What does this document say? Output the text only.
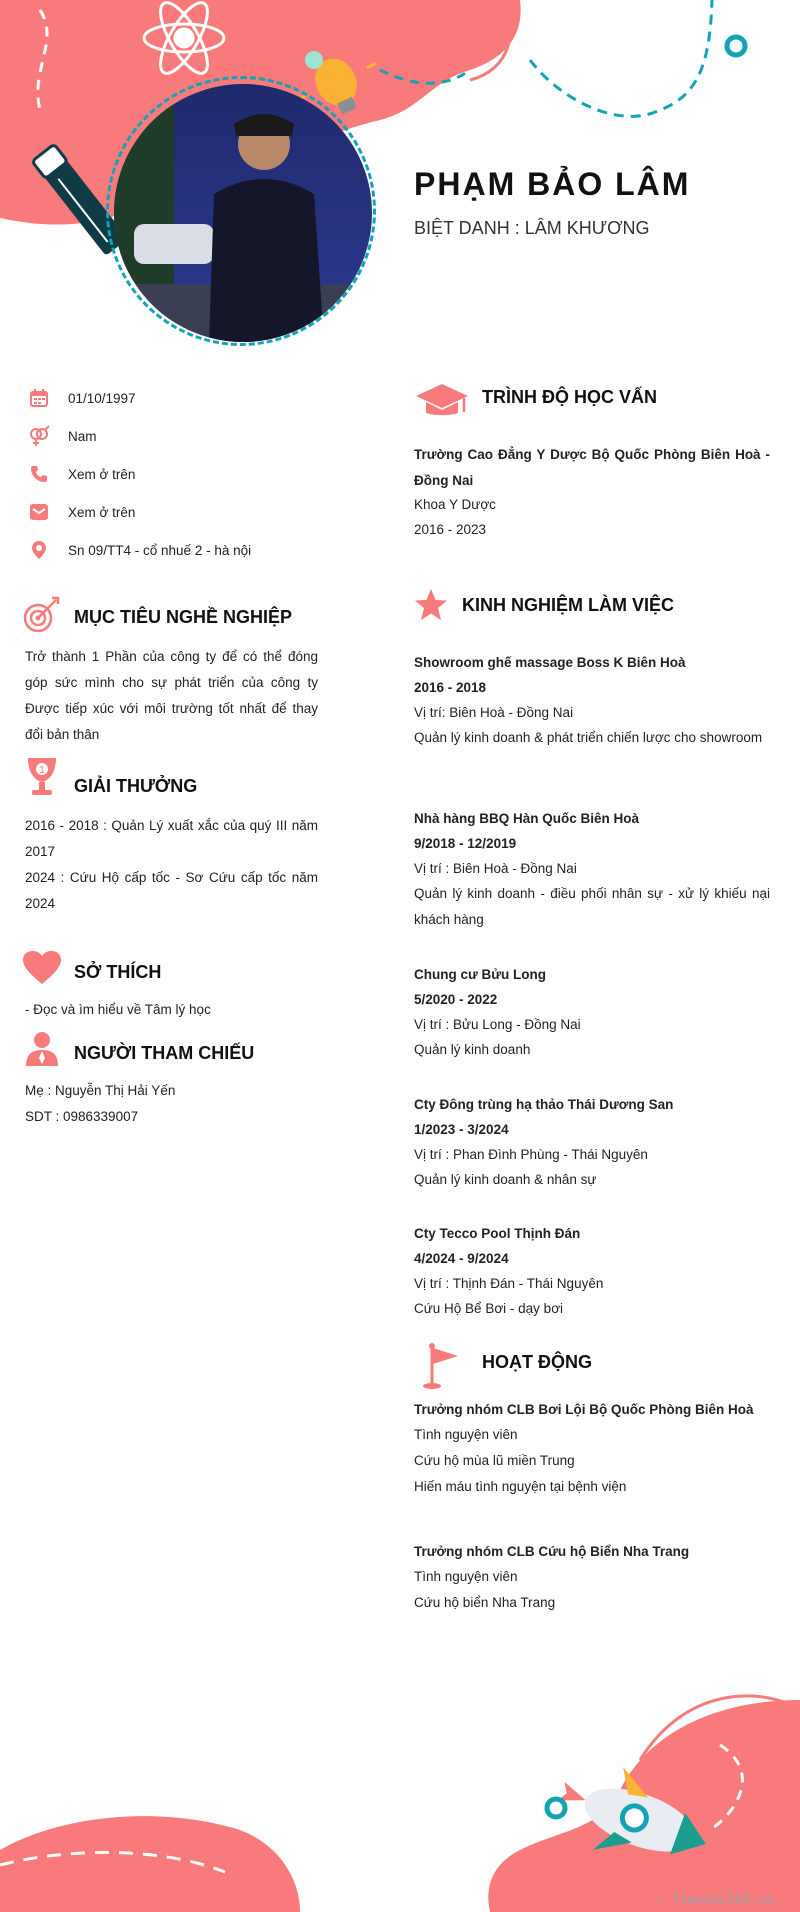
PHẠM BẢO LÂM
BIỆT DANH : LÂM KHƯƠNG
01/10/1997
Nam
Xem ở trên
Xem ở trên
Sn 09/TT4 - cổ nhuế 2 - hà nội
MỤC TIÊU NGHỀ NGHIỆP
Trở thành 1 Phần của công ty để có thể đóng góp sức mình cho sự phát triển của công ty Được tiếp xúc với môi trường tốt nhất để thay đổi bản thân
1
GIẢI THƯỞNG
2016 - 2018 : Quản Lý xuất xắc của quý III năm 2017
2024 : Cứu Hộ cấp tốc - Sơ Cứu cấp tốc năm 2024
SỞ THÍCH
- Đọc và ìm hiểu về Tâm lý học
NGƯỜI THAM CHIẾU
Mẹ : Nguyễn Thị Hải Yến
SDT : 0986339007
TRÌNH ĐỘ HỌC VẤN
Trường Cao Đẳng Y Dược Bộ Quốc Phòng Biên Hoà - Đồng Nai
Khoa Y Dược
2016 - 2023
KINH NGHIỆM LÀM VIỆC
Showroom ghế massage Boss K Biên Hoà
2016 - 2018
Vị trí: Biên Hoà - Đồng Nai
Quản lý kinh doanh & phát triển chiến lược cho showroom
Nhà hàng BBQ Hàn Quốc Biên Hoà
9/2018 - 12/2019
Vị trí : Biên Hoà - Đồng Nai
Quản lý kinh doanh - điều phối nhân sự - xử lý khiếu nại khách hàng
Chung cư Bửu Long
5/2020 - 2022
Vị trí : Bửu Long - Đồng Nai
Quản lý kinh doanh
Cty Đông trùng hạ thảo Thái Dương San
1/2023 - 3/2024
Vị trí : Phan Đình Phùng - Thái Nguyên
Quản lý kinh doanh & nhân sự
Cty Tecco Pool Thịnh Đán
4/2024 - 9/2024
Vị trí : Thịnh Đán - Thái Nguyên
Cứu Hộ Bể Bơi - dạy bơi
HOẠT ĐỘNG
Trưởng nhóm CLB Bơi Lội Bộ Quốc Phòng Biên Hoà
Tình nguyện viên
Cứu hộ mùa lũ miền Trung
Hiến máu tình nguyện tại bệnh viện
Trưởng nhóm CLB Cứu hộ Biển Nha Trang
Tình nguyện viên
Cứu hộ biển Nha Trang
∴ Timviec365.vn
